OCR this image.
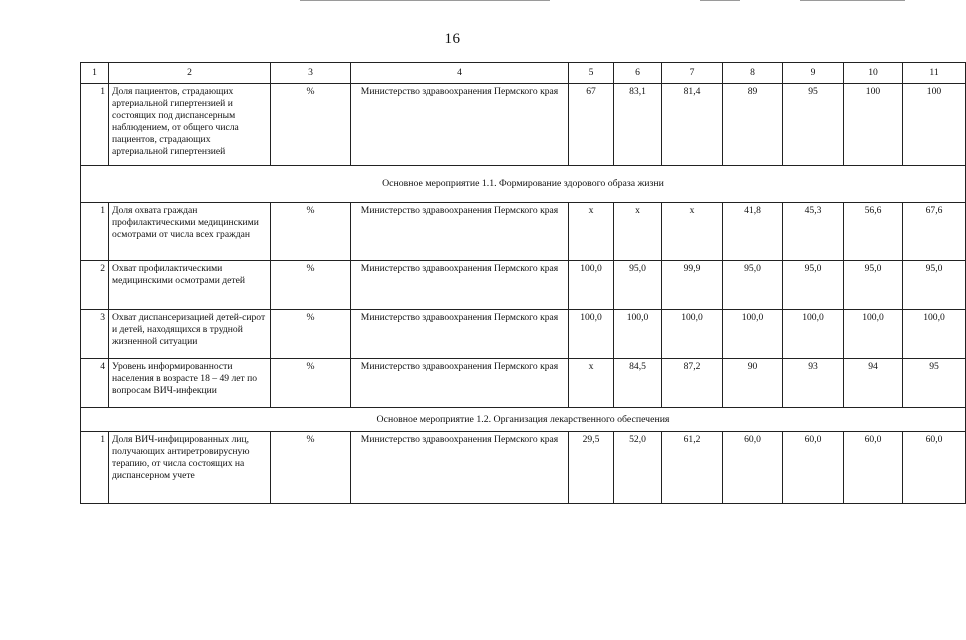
16
1	2	3	4	5	6	7	8	9	10	11
1	Доля пациентов, страдающих артериальной гипертензией и состоящих под диспансерным наблюдением, от общего числа пациентов, страдающих артериальной гипертензией	%	Министерство здравоохранения Пермского края	67	83,1	81,4	89	95	100	100
Основное мероприятие 1.1. Формирование здорового образа жизни										
1	Доля охвата граждан профилактическими медицинскими осмотрами от числа всех граждан	%	Министерство здравоохранения Пермского края	x	x	x	41,8	45,3	56,6	67,6
2	Охват профилактическими медицинскими осмотрами детей	%	Министерство здравоохранения Пермского края	100,0	95,0	99,9	95,0	95,0	95,0	95,0
3	Охват диспансеризацией детей-сирот и детей, находящихся в трудной жизненной ситуации	%	Министерство здравоохранения Пермского края	100,0	100,0	100,0	100,0	100,0	100,0	100,0
4	Уровень информированности населения в возрасте 18 – 49 лет по вопросам ВИЧ-инфекции	%	Министерство здравоохранения Пермского края	x	84,5	87,2	90	93	94	95
Основное мероприятие 1.2. Организация лекарственного обеспечения										
1	Доля ВИЧ-инфицированных лиц, получающих антиретровирусную терапию, от числа состоящих на диспансерном учете	%	Министерство здравоохранения Пермского края	29,5	52,0	61,2	60,0	60,0	60,0	60,0
